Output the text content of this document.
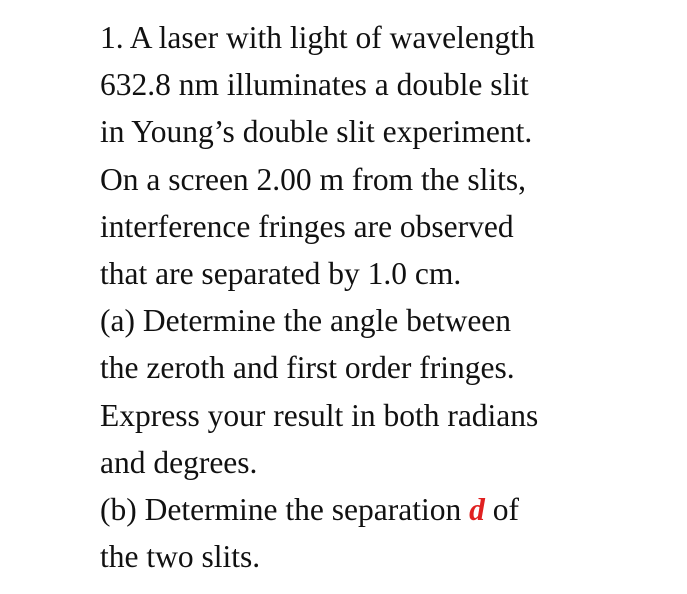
1. A laser with light of wavelength
632.8 nm illuminates a double slit
in Young’s double slit experiment.
On a screen 2.00 m from the slits,
interference fringes are observed
that are separated by 1.0 cm.
(a) Determine the angle between
the zeroth and first order fringes.
Express your result in both radians
and degrees.
(b) Determine the separation d of
the two slits.
